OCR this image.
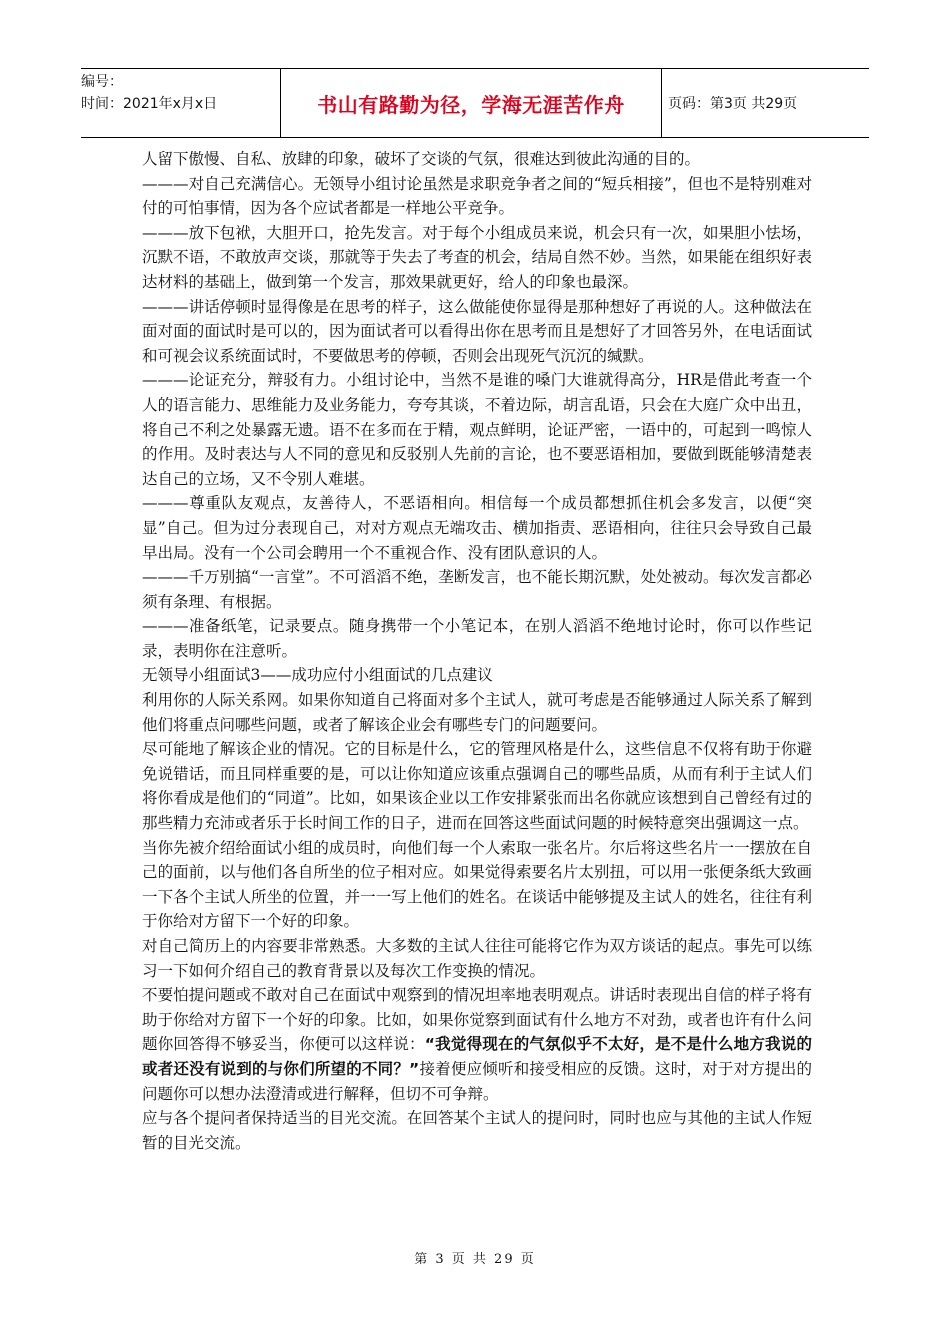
编号：
时间：2021年x月x日	书山有路勤为径，学海无涯苦作舟	页码：第3页 共29页

人留下傲慢、自私、放肆的印象，破坏了交谈的气氛，很难达到彼此沟通的目的。

———对自己充满信心。无领导小组讨论虽然是求职竞争者之间的“短兵相接”，但也不是特别难对付的可怕事情，因为各个应试者都是一样地公平竞争。

———放下包袱，大胆开口，抢先发言。对于每个小组成员来说，机会只有一次，如果胆小怯场，沉默不语，不敢放声交谈，那就等于失去了考查的机会，结局自然不妙。当然，如果能在组织好表达材料的基础上，做到第一个发言，那效果就更好，给人的印象也最深。

———讲话停顿时显得像是在思考的样子，这么做能使你显得是那种想好了再说的人。这种做法在面对面的面试时是可以的，因为面试者可以看得出你在思考而且是想好了才回答另外，在电话面试和可视会议系统面试时，不要做思考的停顿，否则会出现死气沉沉的缄默。

———论证充分，辩驳有力。小组讨论中，当然不是谁的嗓门大谁就得高分，HR是借此考查一个人的语言能力、思维能力及业务能力，夸夸其谈，不着边际，胡言乱语，只会在大庭广众中出丑，将自己不利之处暴露无遗。语不在多而在于精，观点鲜明，论证严密，一语中的，可起到一鸣惊人的作用。及时表达与人不同的意见和反驳别人先前的言论，也不要恶语相加，要做到既能够清楚表达自己的立场，又不令别人难堪。

———尊重队友观点，友善待人，不恶语相向。相信每一个成员都想抓住机会多发言，以便“突显”自己。但为过分表现自己，对对方观点无端攻击、横加指责、恶语相向，往往只会导致自己最早出局。没有一个公司会聘用一个不重视合作、没有团队意识的人。

———千万别搞“一言堂”。不可滔滔不绝，垄断发言，也不能长期沉默，处处被动。每次发言都必须有条理、有根据。

———准备纸笔，记录要点。随身携带一个小笔记本，在别人滔滔不绝地讨论时，你可以作些记录，表明你在注意听。

无领导小组面试3——成功应付小组面试的几点建议

利用你的人际关系网。如果你知道自己将面对多个主试人，就可考虑是否能够通过人际关系了解到他们将重点问哪些问题，或者了解该企业会有哪些专门的问题要问。

尽可能地了解该企业的情况。它的目标是什么，它的管理风格是什么，这些信息不仅将有助于你避免说错话，而且同样重要的是，可以让你知道应该重点强调自己的哪些品质，从而有利于主试人们将你看成是他们的“同道”。比如，如果该企业以工作安排紧张而出名你就应该想到自己曾经有过的那些精力充沛或者乐于长时间工作的日子，进而在回答这些面试问题的时候特意突出强调这一点。

当你先被介绍给面试小组的成员时，向他们每一个人索取一张名片。尔后将这些名片一一摆放在自己的面前，以与他们各自所坐的位子相对应。如果觉得索要名片太别扭，可以用一张便条纸大致画一下各个主试人所坐的位置，并一一写上他们的姓名。在谈话中能够提及主试人的姓名，往往有利于你给对方留下一个好的印象。

对自己简历上的内容要非常熟悉。大多数的主试人往往可能将它作为双方谈话的起点。事先可以练习一下如何介绍自己的教育背景以及每次工作变换的情况。

不要怕提问题或不敢对自己在面试中观察到的情况坦率地表明观点。讲话时表现出自信的样子将有助于你给对方留下一个好的印象。比如，如果你觉察到面试有什么地方不对劲，或者也许有什么问题你回答得不够妥当，你便可以这样说：“我觉得现在的气氛似乎不太好，是不是什么地方我说的或者还没有说到的与你们所望的不同？”接着便应倾听和接受相应的反馈。这时，对于对方提出的问题你可以想办法澄清或进行解释，但切不可争辩。

应与各个提问者保持适当的目光交流。在回答某个主试人的提问时，同时也应与其他的主试人作短暂的目光交流。

第 3 页 共 29 页
